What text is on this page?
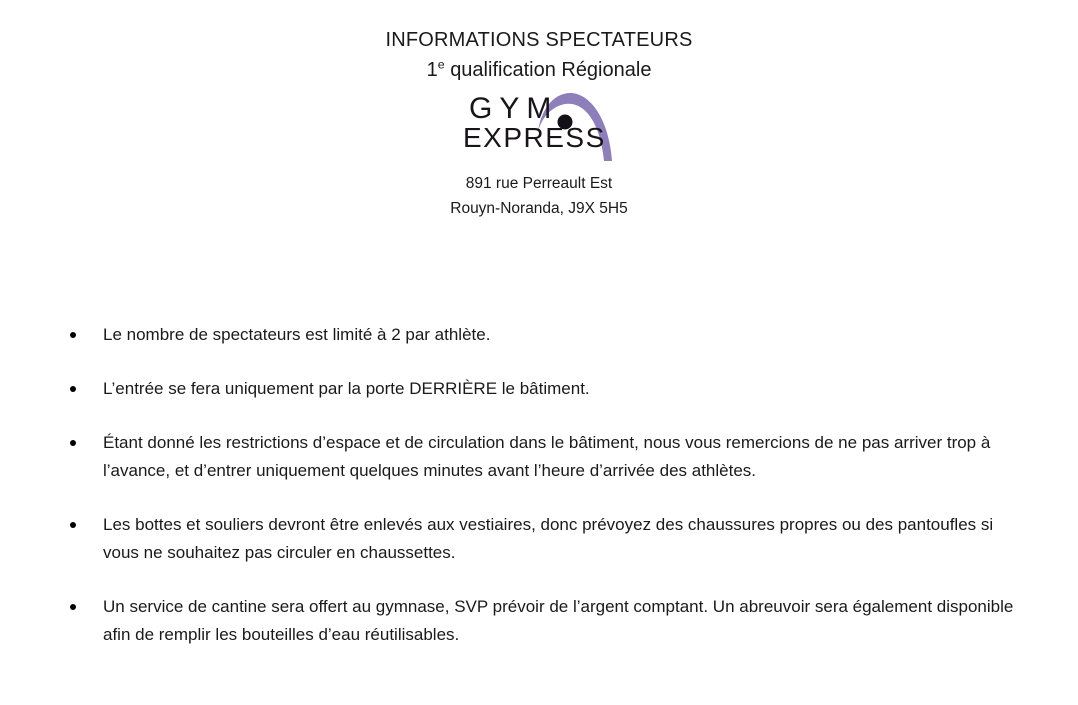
INFORMATIONS SPECTATEURS
1e qualification Régionale
GYM
EXPRESS
891 rue Perreault Est
Rouyn-Noranda, J9X 5H5
Le nombre de spectateurs est limité à 2 par athlète.
L’entrée se fera uniquement par la porte DERRIÈRE le bâtiment.
Étant donné les restrictions d’espace et de circulation dans le bâtiment, nous vous remercions de ne pas arriver trop à l’avance, et d’entrer uniquement quelques minutes avant l’heure d’arrivée des athlètes.
Les bottes et souliers devront être enlevés aux vestiaires, donc prévoyez des chaussures propres ou des pantoufles si vous ne souhaitez pas circuler en chaussettes.
Un service de cantine sera offert au gymnase, SVP prévoir de l’argent comptant. Un abreuvoir sera également disponible afin de remplir les bouteilles d’eau réutilisables.
